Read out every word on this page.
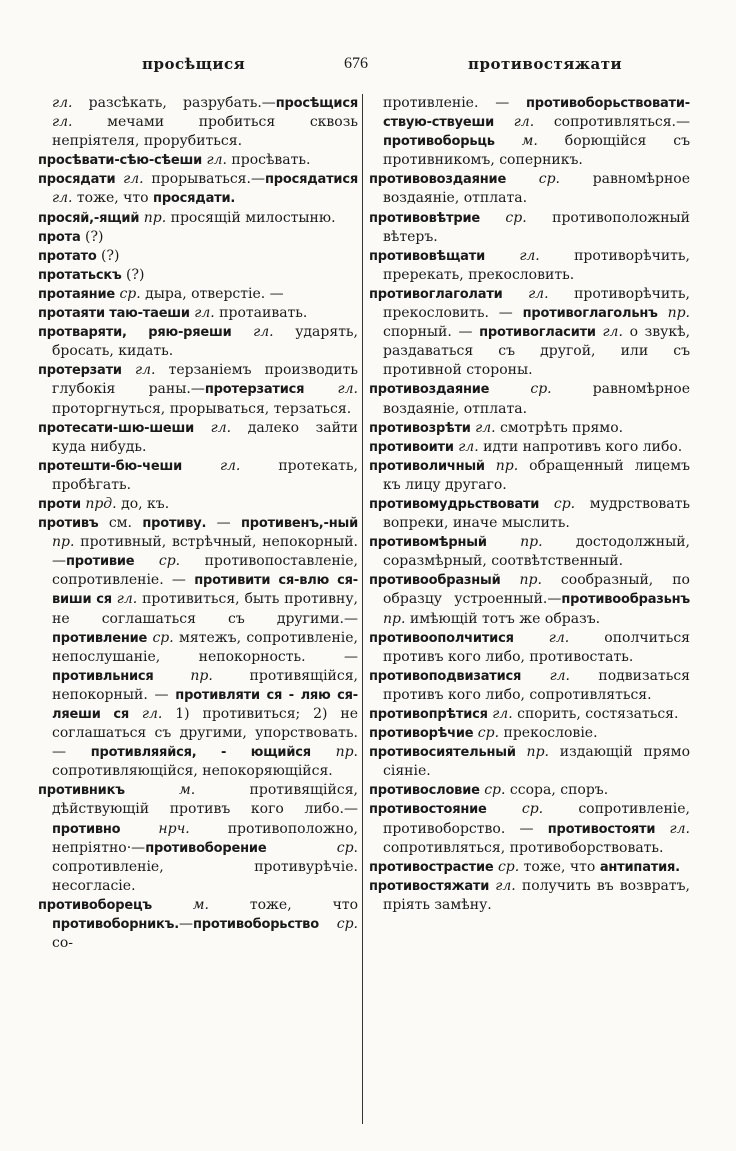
просѣщися	676	противостяжати
гл. разсѣкать, разрубать.—просѣщися гл. мечами пробиться сквозь непріятеля, прорубиться.
просѣвати-сѣю-сѣеши гл. просѣвать.
просядати гл. прорываться.—просядатися гл. тоже, что просядати.
просяй,-ящий пр. просящій милостыню.
прота (?)
протато (?)
протатьскъ (?)
протаяние ср. дыра, отверстіе. —
протаяти таю-таеши гл. протаивать.
протваряти, ряю-ряеши гл. ударять, бросать, кидать.
протерзати гл. терзаніемъ производить глубокія раны.—протерзатися гл. проторгнуться, прорываться, терзаться.
протесати-шю-шеши гл. далеко зайти куда нибудь.
протешти-бю-чеши	гл. протекать, пробѣгать.
проти прд. до, къ.
противъ см. противу. — противенъ,-ный пр. противный, встрѣчный, непокорный.—противие ср. противопоставленіе, сопротивленіе. — противити ся-влю ся-виши ся гл. противиться, быть противну, не соглашаться съ другими.—противление ср. мятежъ, сопротивленіе, непослушаніе, непокорность. — противльнися	пр. противящійся, непокорный. — противляти ся - ляю ся-ляеши ся гл. 1) противиться; 2) не соглашаться съ другими, упорствовать. — противляяйся, - ющийся пр. сопротивляющійся, непокоряющійся.
противникъ	м. противящійся, дѣйствующій противъ кого либо.—противно	нрч. противоположно, непріятно·—противоборение	ср. сопротивленіе, противурѣчіе. несогласіе.
противоборецъ	м. тоже, что противоборникъ.—противоборьство ср. со-
противленіе. — противоборьствовати-ствую-ствуеши гл. сопротивляться.—противоборьць м. борющійся съ противникомъ, соперникъ.
противовоздаяние ср. равномѣрное воздаяніе, отплата.
противовѣтрие ср. противоположный вѣтеръ.
противовѣщати гл. противорѣчить, пререкать, прекословить.
противоглаголати гл. противорѣчить, прекословить. — противоглагольнъ пр. спорный. — противогласити гл. о звукѣ, раздаваться съ другой, или съ противной стороны.
противоздаяние	ср. равномѣрное воздаяніе, отплата.
противозрѣти гл. смотрѣть прямо.
противоити гл. идти напротивъ кого либо.
противоличный пр. обращенный лицемъ къ лицу другаго.
противомудрьствовати ср. мудрствовать вопреки, иначе мыслить.
противомѣрный пр. достодолжный, соразмѣрный, соотвѣтственный.
противообразный пр. сообразный, по образцу устроенный.—противообразьнъ пр. имѣющій тотъ же образъ.
противоополчитися	гл. ополчиться противъ кого либо, противостать.
противоподвизатися гл. подвизаться противъ кого либо, сопротивляться.
противопрѣтися гл. спорить, состязаться.
противорѣчие ср. прекословіе.
противосиятельный пр. издающій прямо сіяніе.
противословие ср. ссора, споръ.
противостояние	ср. сопротивленіе, противоборство. — противостояти гл. сопротивляться, противоборствовать.
противострастие ср. тоже, что антипатия.
противостяжати гл. получить въ возвратъ, прiять замѣну.
